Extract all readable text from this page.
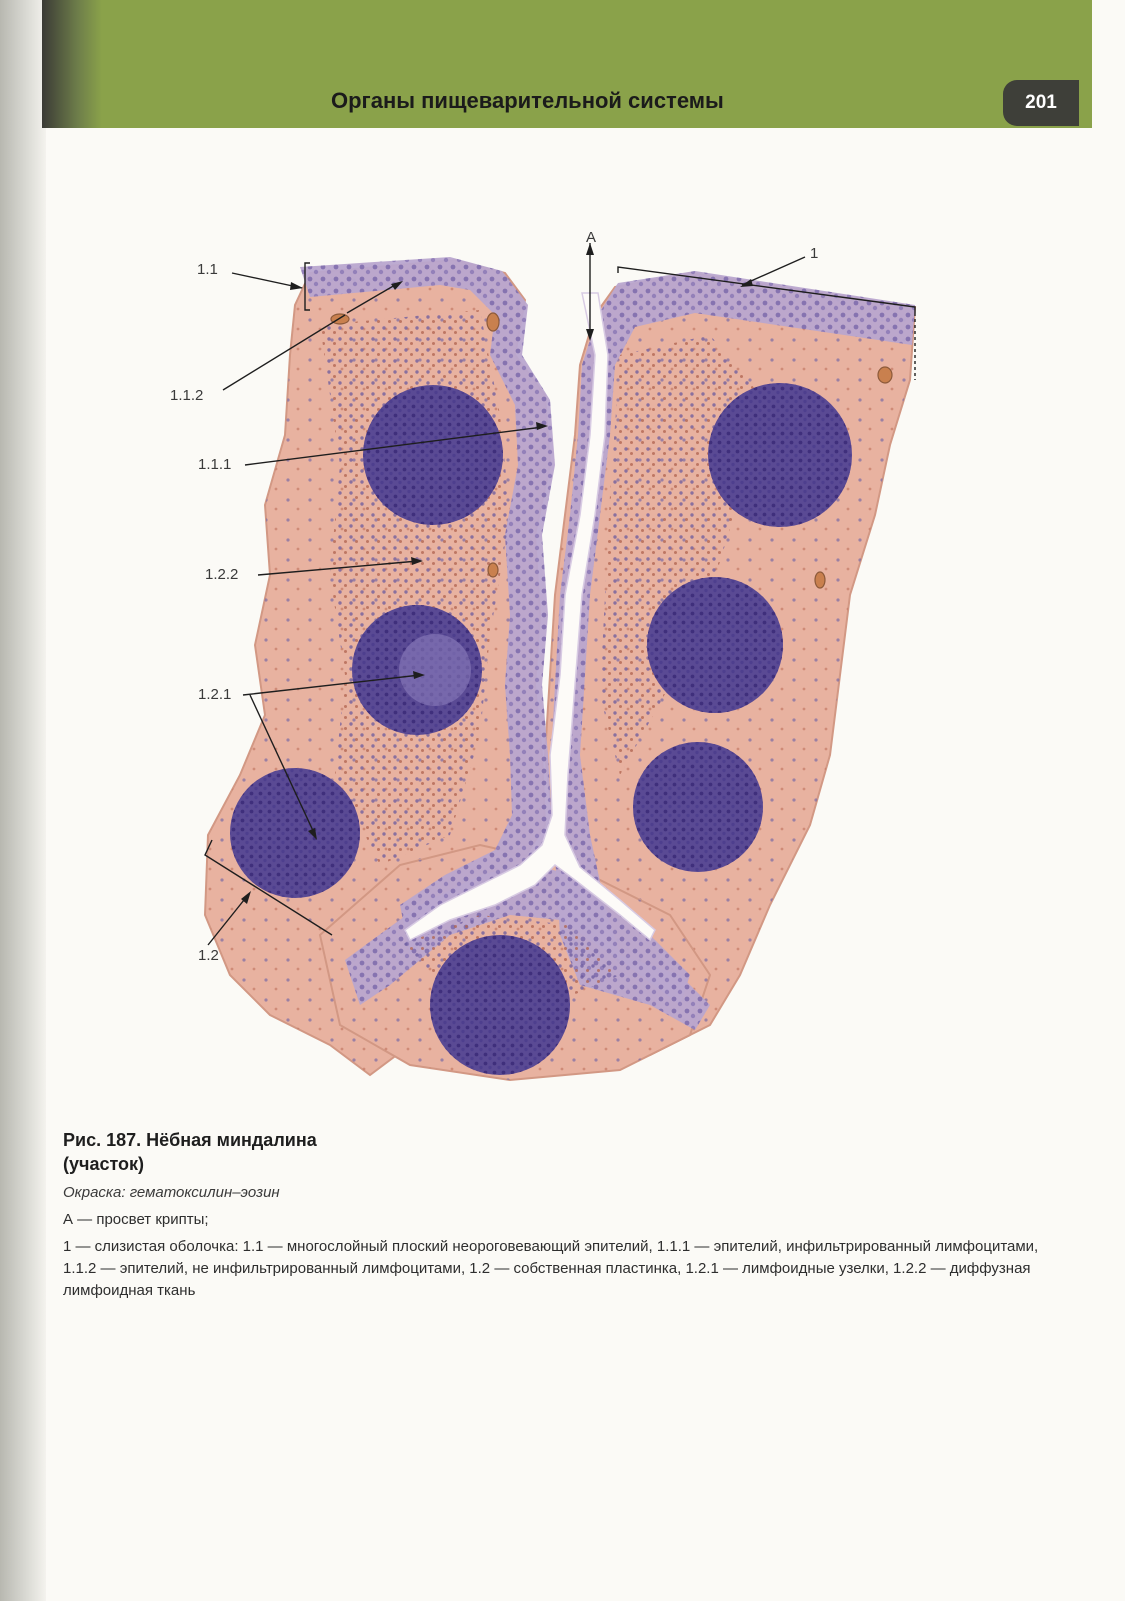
Органы пищеварительной системы	201
A
1
1.1
1.1.2
1.1.1
1.2.2
1.2.1
1.2
Рис. 187. Нёбная миндалина
(участок)
Окраска: гематоксилин–эозин
А — просвет крипты;
1 — слизистая оболочка: 1.1 — многослойный плоский неороговевающий эпителий, 1.1.1 — эпителий, инфильтрированный лимфоцитами, 1.1.2 — эпителий, не инфильтрированный лимфоцитами, 1.2 — собственная пластинка, 1.2.1 — лимфоидные узелки, 1.2.2 — диффузная лимфоидная ткань
